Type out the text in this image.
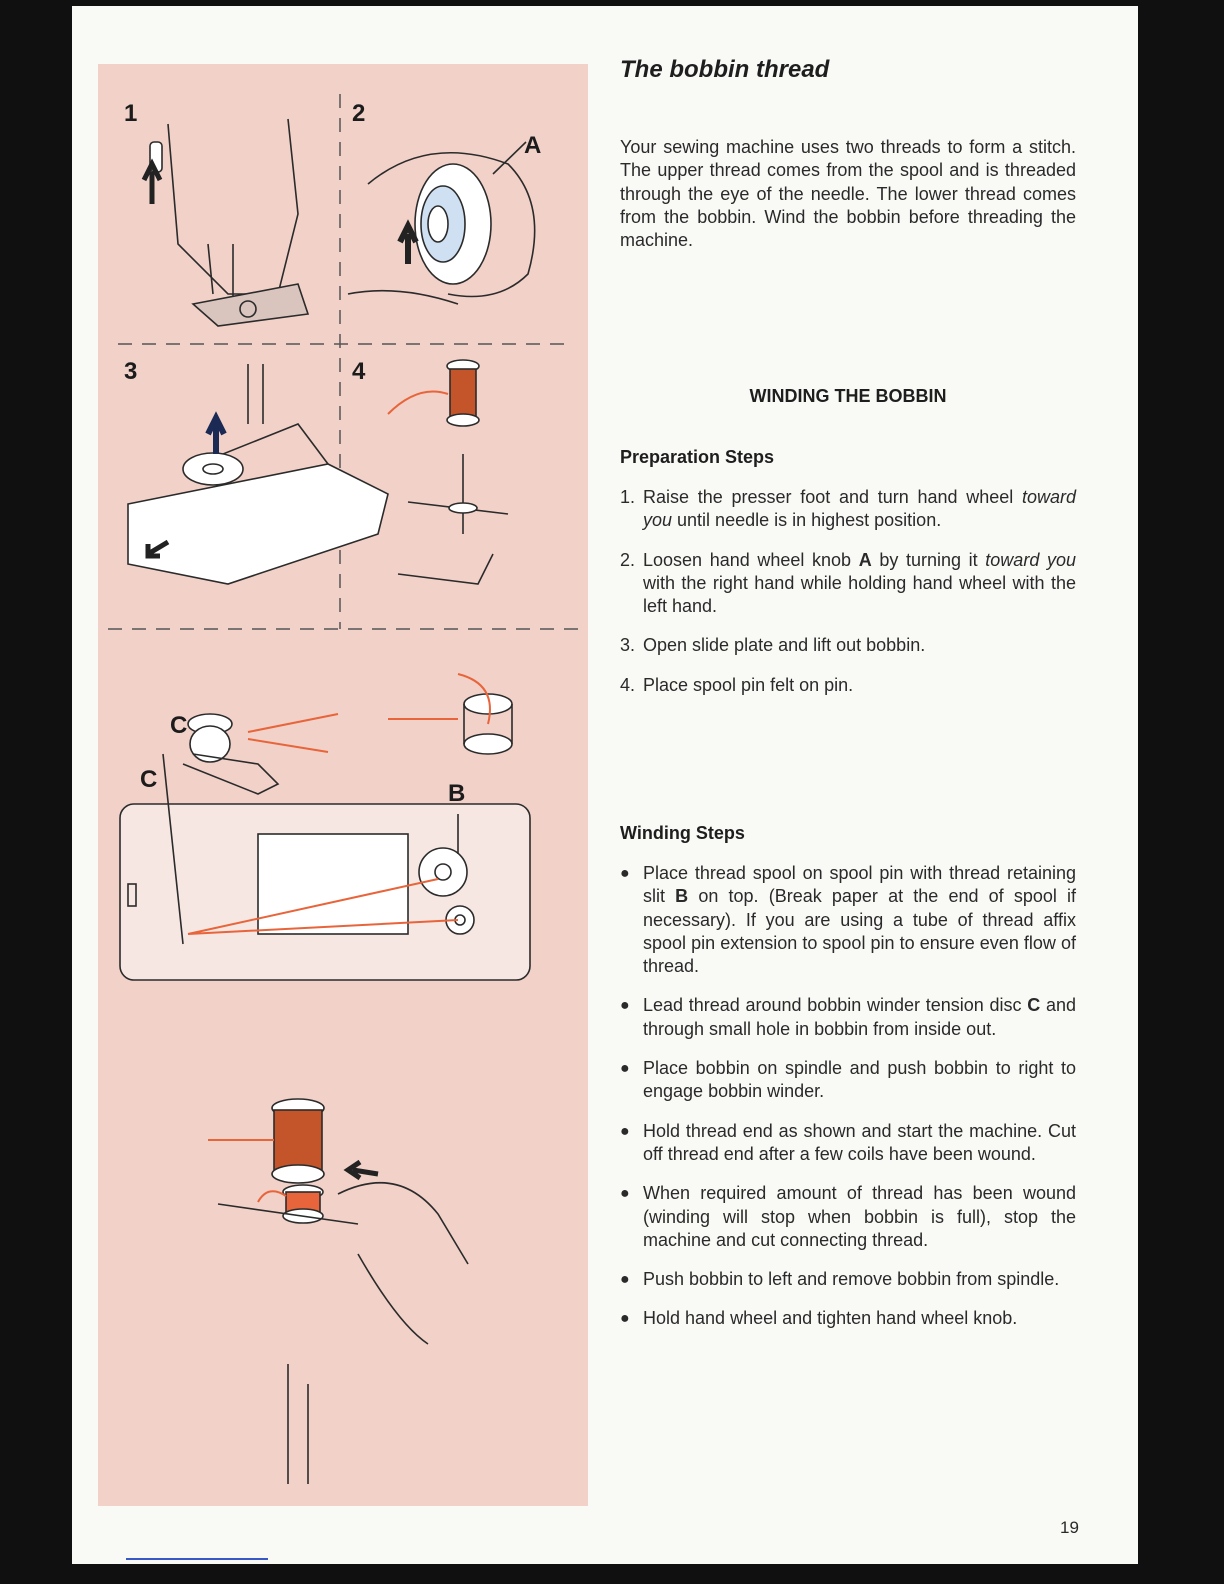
1	2
A
3	4
C
C
B
The bobbin thread

Your sewing machine uses two threads to form a stitch. The upper thread comes from the spool and is threaded through the eye of the needle. The lower thread comes from the bobbin. Wind the bobbin before threading the machine.

WINDING THE BOBBIN
Preparation Steps
1. Raise the presser foot and turn hand wheel toward you until needle is in highest position.
2. Loosen hand wheel knob A by turning it toward you with the right hand while holding hand wheel with the left hand.
3. Open slide plate and lift out bobbin.
4. Place spool pin felt on pin.
Winding Steps
● Place thread spool on spool pin with thread retaining slit B on top. (Break paper at the end of spool if necessary). If you are using a tube of thread affix spool pin extension to spool pin to ensure even flow of thread.
● Lead thread around bobbin winder tension disc C and through small hole in bobbin from inside out.
● Place bobbin on spindle and push bobbin to right to engage bobbin winder.
● Hold thread end as shown and start the machine. Cut off thread end after a few coils have been wound.
● When required amount of thread has been wound (winding will stop when bobbin is full), stop the machine and cut connecting thread.
● Push bobbin to left and remove bobbin from spindle.
● Hold hand wheel and tighten hand wheel knob.
19
